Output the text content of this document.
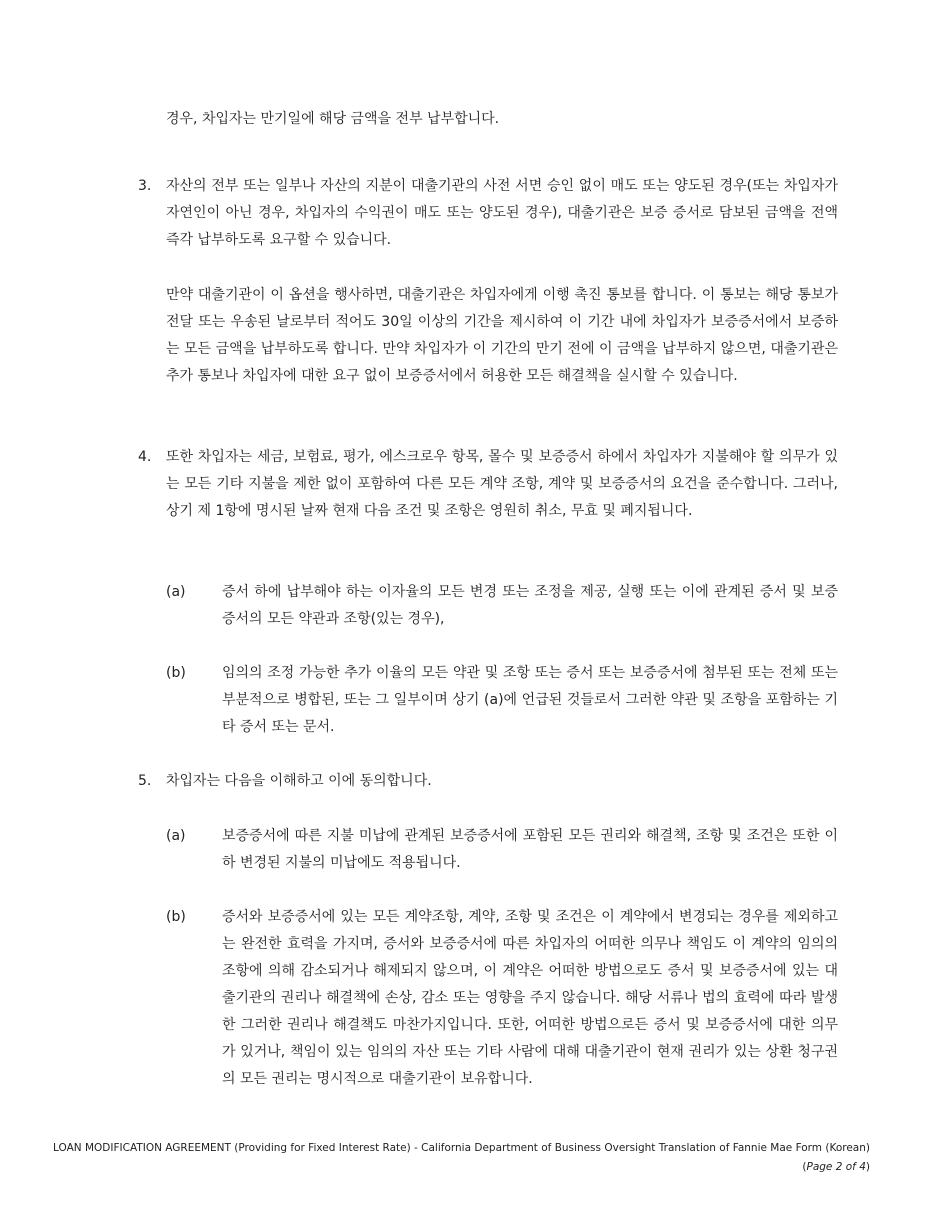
경우, 차입자는 만기일에 해당 금액을 전부 납부합니다.
3. 자산의 전부 또는 일부나 자산의 지분이 대출기관의 사전 서면 승인 없이 매도 또는 양도된 경우(또는 차입자가 자연인이 아닌 경우, 차입자의 수익권이 매도 또는 양도된 경우), 대출기관은 보증 증서로 담보된 금액을 전액 즉각 납부하도록 요구할 수 있습니다.
만약 대출기관이 이 옵션을 행사하면, 대출기관은 차입자에게 이행 촉진 통보를 합니다. 이 통보는 해당 통보가 전달 또는 우송된 날로부터 적어도 30일 이상의 기간을 제시하여 이 기간 내에 차입자가 보증증서에서 보증하는 모든 금액을 납부하도록 합니다. 만약 차입자가 이 기간의 만기 전에 이 금액을 납부하지 않으면, 대출기관은 추가 통보나 차입자에 대한 요구 없이 보증증서에서 허용한 모든 해결책을 실시할 수 있습니다.
4. 또한 차입자는 세금, 보험료, 평가, 에스크로우 항목, 몰수 및 보증증서 하에서 차입자가 지불해야 할 의무가 있는 모든 기타 지불을 제한 없이 포함하여 다른 모든 계약 조항, 계약 및 보증증서의 요건을 준수합니다. 그러나, 상기 제 1항에 명시된 날짜 현재 다음 조건 및 조항은 영원히 취소, 무효 및 폐지됩니다.
(a)	증서 하에 납부해야 하는 이자율의 모든 변경 또는 조정을 제공, 실행 또는 이에 관계된 증서 및 보증증서의 모든 약관과 조항(있는 경우),
(b)	임의의 조정 가능한 추가 이율의 모든 약관 및 조항 또는 증서 또는 보증증서에 첨부된 또는 전체 또는 부분적으로 병합된, 또는 그 일부이며 상기 (a)에 언급된 것들로서 그러한 약관 및 조항을 포함하는 기타 증서 또는 문서.
5. 차입자는 다음을 이해하고 이에 동의합니다.
(a)	보증증서에 따른 지불 미납에 관계된 보증증서에 포함된 모든 권리와 해결책, 조항 및 조건은 또한 이하 변경된 지불의 미납에도 적용됩니다.
(b)	증서와 보증증서에 있는 모든 계약조항, 계약, 조항 및 조건은 이 계약에서 변경되는 경우를 제외하고는 완전한 효력을 가지며, 증서와 보증증서에 따른 차입자의 어떠한 의무나 책임도 이 계약의 임의의 조항에 의해 감소되거나 해제되지 않으며, 이 계약은 어떠한 방법으로도 증서 및 보증증서에 있는 대출기관의 권리나 해결책에 손상, 감소 또는 영향을 주지 않습니다. 해당 서류나 법의 효력에 따라 발생한 그러한 권리나 해결책도 마찬가지입니다. 또한, 어떠한 방법으로든 증서 및 보증증서에 대한 의무가 있거나, 책임이 있는 임의의 자산 또는 기타 사람에 대해 대출기관이 현재 권리가 있는 상환 청구권의 모든 권리는 명시적으로 대출기관이 보유합니다.
LOAN MODIFICATION AGREEMENT (Providing for Fixed Interest Rate) - California Department of Business Oversight Translation of Fannie Mae Form (Korean)
(Page 2 of 4)
